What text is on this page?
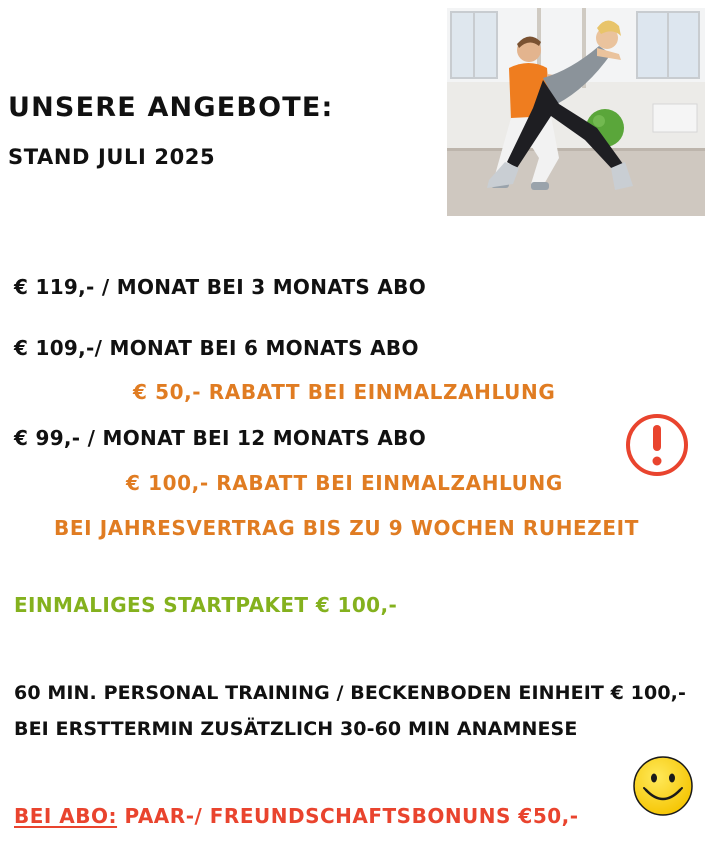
UNSERE ANGEBOTE:
STAND JULI 2025
€ 119,- / MONAT BEI 3 MONATS ABO
€ 109,-/ MONAT BEI 6 MONATS ABO
€ 50,- RABATT BEI EINMALZAHLUNG
€ 99,- / MONAT BEI 12 MONATS ABO
€ 100,- RABATT BEI EINMALZAHLUNG
BEI JAHRESVERTRAG BIS ZU 9 WOCHEN RUHEZEIT
EINMALIGES STARTPAKET € 100,-
60 MIN. PERSONAL TRAINING / BECKENBODEN EINHEIT € 100,-
BEI ERSTTERMIN ZUSÄTZLICH 30-60 MIN ANAMNESE
BEI ABO: PAAR-/ FREUNDSCHAFTSBONUNS €50,-
